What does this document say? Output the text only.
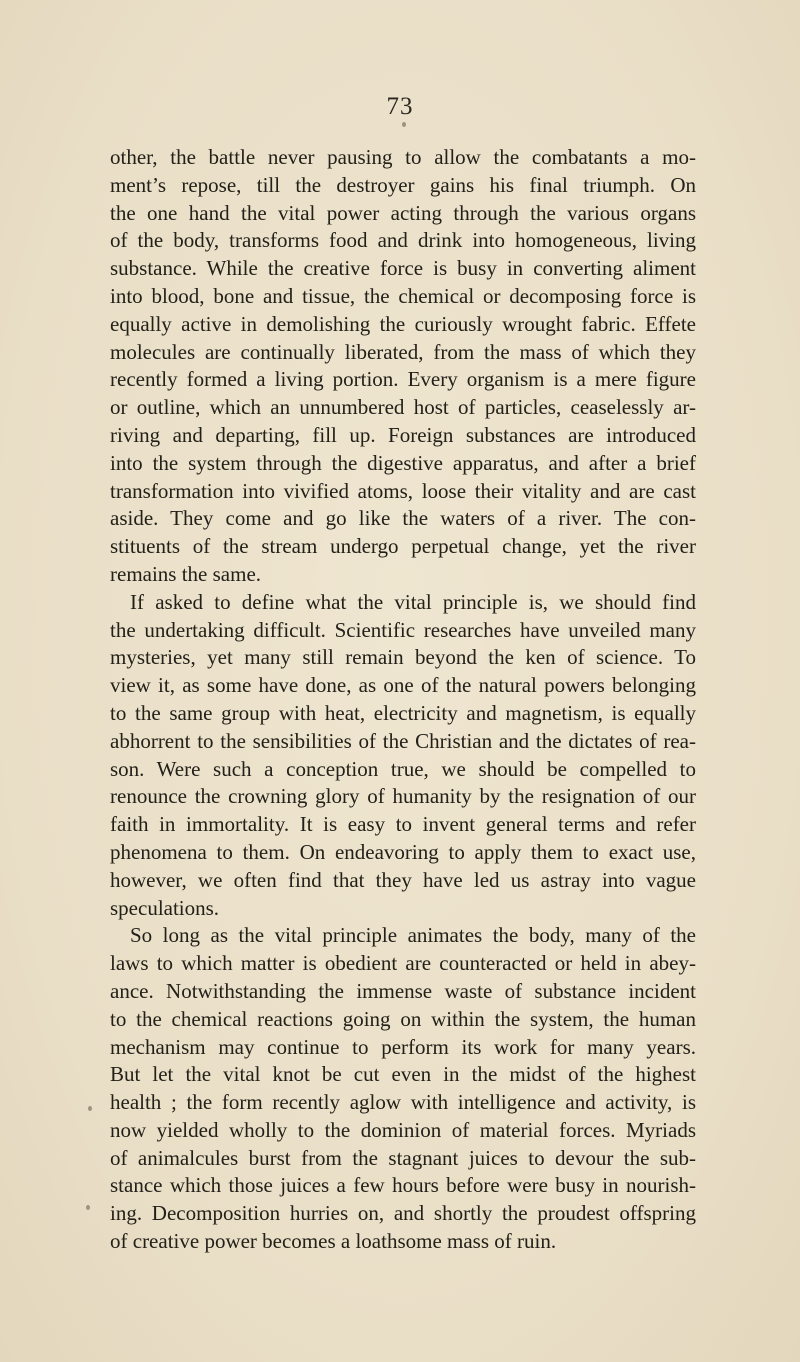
73
other, the battle never pausing to allow the combatants a mo-
ment’s repose, till the destroyer gains his final triumph. On
the one hand the vital power acting through the various organs
of the body, transforms food and drink into homogeneous, living
substance. While the creative force is busy in converting aliment
into blood, bone and tissue, the chemical or decomposing force is
equally active in demolishing the curiously wrought fabric. Effete
molecules are continually liberated, from the mass of which they
recently formed a living portion. Every organism is a mere figure
or outline, which an unnumbered host of particles, ceaselessly ar-
riving and departing, fill up. Foreign substances are introduced
into the system through the digestive apparatus, and after a brief
transformation into vivified atoms, loose their vitality and are cast
aside. They come and go like the waters of a river. The con-
stituents of the stream undergo perpetual change, yet the river
remains the same.
If asked to define what the vital principle is, we should find
the undertaking difficult. Scientific researches have unveiled many
mysteries, yet many still remain beyond the ken of science. To
view it, as some have done, as one of the natural powers belonging
to the same group with heat, electricity and magnetism, is equally
abhorrent to the sensibilities of the Christian and the dictates of rea-
son. Were such a conception true, we should be compelled to
renounce the crowning glory of humanity by the resignation of our
faith in immortality. It is easy to invent general terms and refer
phenomena to them. On endeavoring to apply them to exact use,
however, we often find that they have led us astray into vague
speculations.
So long as the vital principle animates the body, many of the
laws to which matter is obedient are counteracted or held in abey-
ance. Notwithstanding the immense waste of substance incident
to the chemical reactions going on within the system, the human
mechanism may continue to perform its work for many years.
But let the vital knot be cut even in the midst of the highest
health ; the form recently aglow with intelligence and activity, is
now yielded wholly to the dominion of material forces. Myriads
of animalcules burst from the stagnant juices to devour the sub-
stance which those juices a few hours before were busy in nourish-
ing. Decomposition hurries on, and shortly the proudest offspring
of creative power becomes a loathsome mass of ruin.
